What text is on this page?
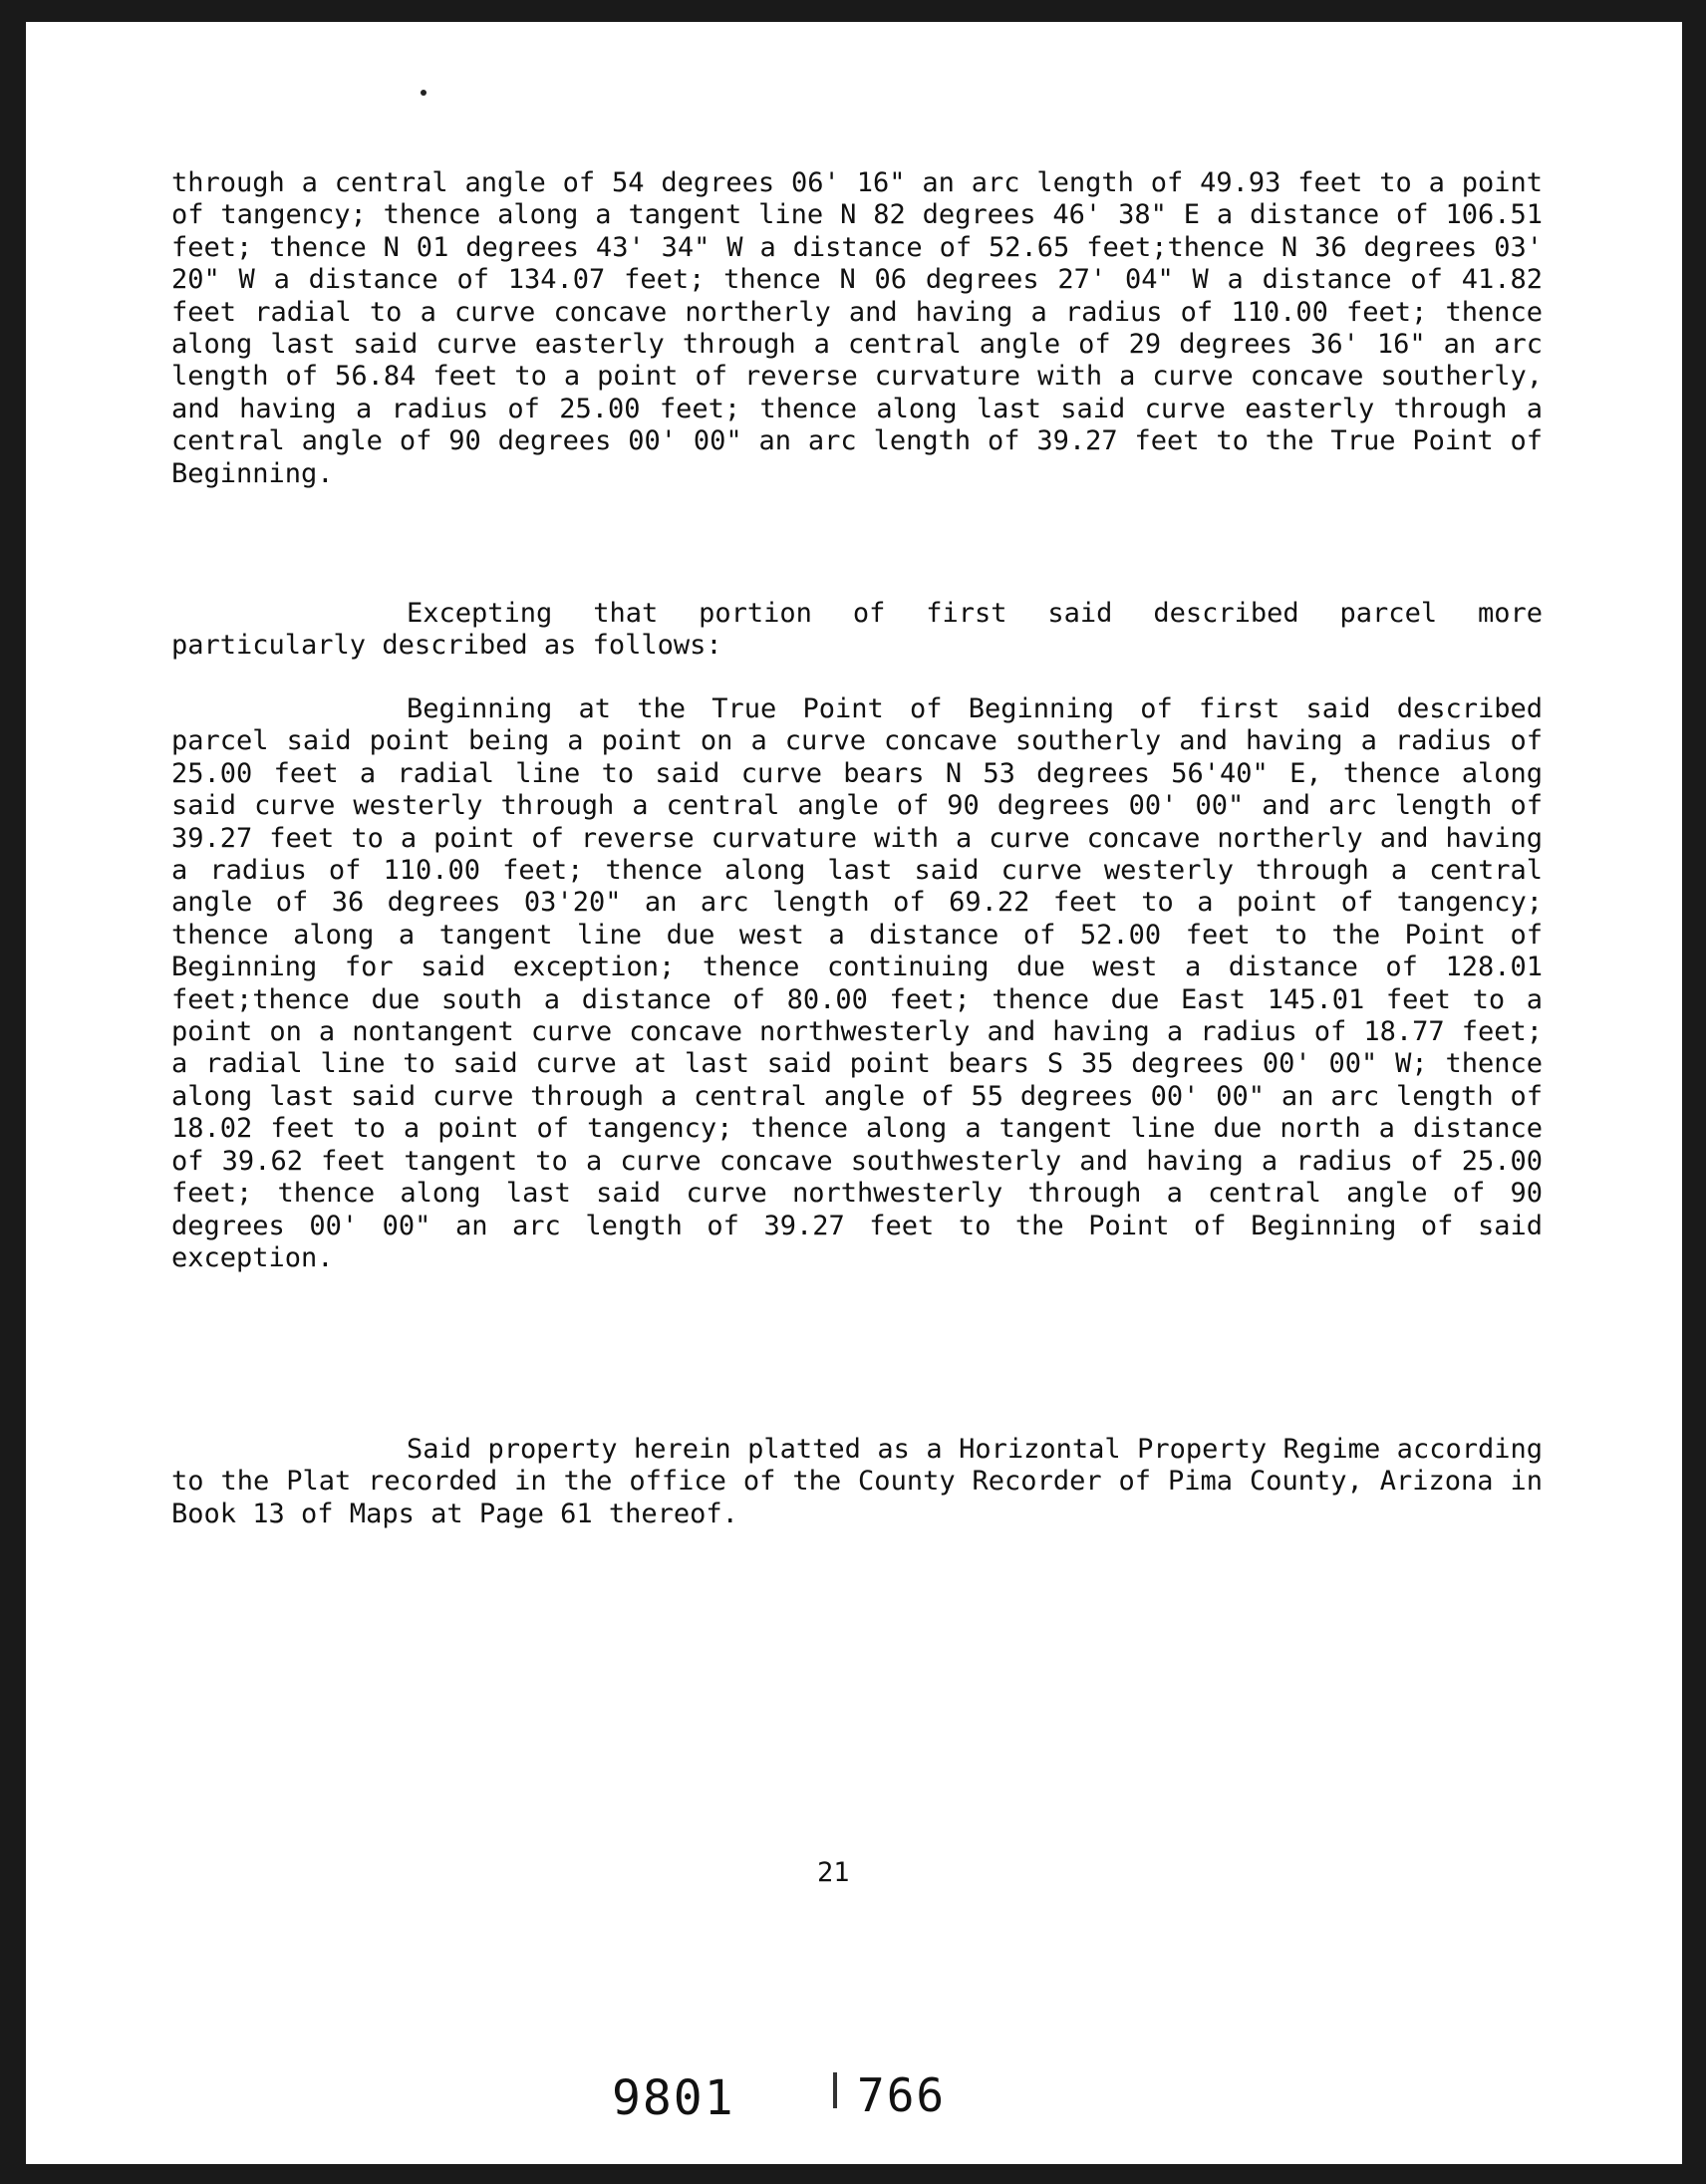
through a central angle of 54 degrees 06' 16" an arc length of 49.93 feet to a point of tangency; thence along a tangent line N 82 degrees 46' 38" E a distance of 106.51 feet; thence N 01 degrees 43' 34" W a distance of 52.65 feet;thence N 36 degrees 03' 20" W a distance of 134.07 feet; thence N 06 degrees 27' 04" W a distance of 41.82 feet radial to a curve concave northerly and having a radius of 110.00 feet; thence along last said curve easterly through a central angle of 29 degrees 36' 16" an arc length of 56.84 feet to a point of reverse curvature with a curve concave southerly, and having a radius of 25.00 feet; thence along last said curve easterly through a central angle of 90 degrees 00' 00" an arc length of 39.27 feet to the True Point of Beginning.

Excepting that portion of first said described parcel more particularly described as follows:

Beginning at the True Point of Beginning of first said described parcel said point being a point on a curve concave southerly and having a radius of 25.00 feet a radial line to said curve bears N 53 degrees 56'40" E, thence along said curve westerly through a central angle of 90 degrees 00' 00" and arc length of 39.27 feet to a point of reverse curvature with a curve concave northerly and having a radius of 110.00 feet; thence along last said curve westerly through a central angle of 36 degrees 03'20" an arc length of 69.22 feet to a point of tangency; thence along a tangent line due west a distance of 52.00 feet to the Point of Beginning for said exception; thence continuing due west a distance of 128.01 feet;thence due south a distance of 80.00 feet; thence due East 145.01 feet to a point on a nontangent curve concave northwesterly and having a radius of 18.77 feet; a radial line to said curve at last said point bears S 35 degrees 00' 00" W; thence along last said curve through a central angle of 55 degrees 00' 00" an arc length of 18.02 feet to a point of tangency; thence along a tangent line due north a distance of 39.62 feet tangent to a curve concave southwesterly and having a radius of 25.00 feet; thence along last said curve northwesterly through a central angle of 90 degrees 00' 00" an arc length of 39.27 feet to the Point of Beginning of said exception.

Said property herein platted as a Horizontal Property Regime according to the Plat recorded in the office of the County Recorder of Pima County, Arizona in Book 13 of Maps at Page 61 thereof.

21
9801	766
